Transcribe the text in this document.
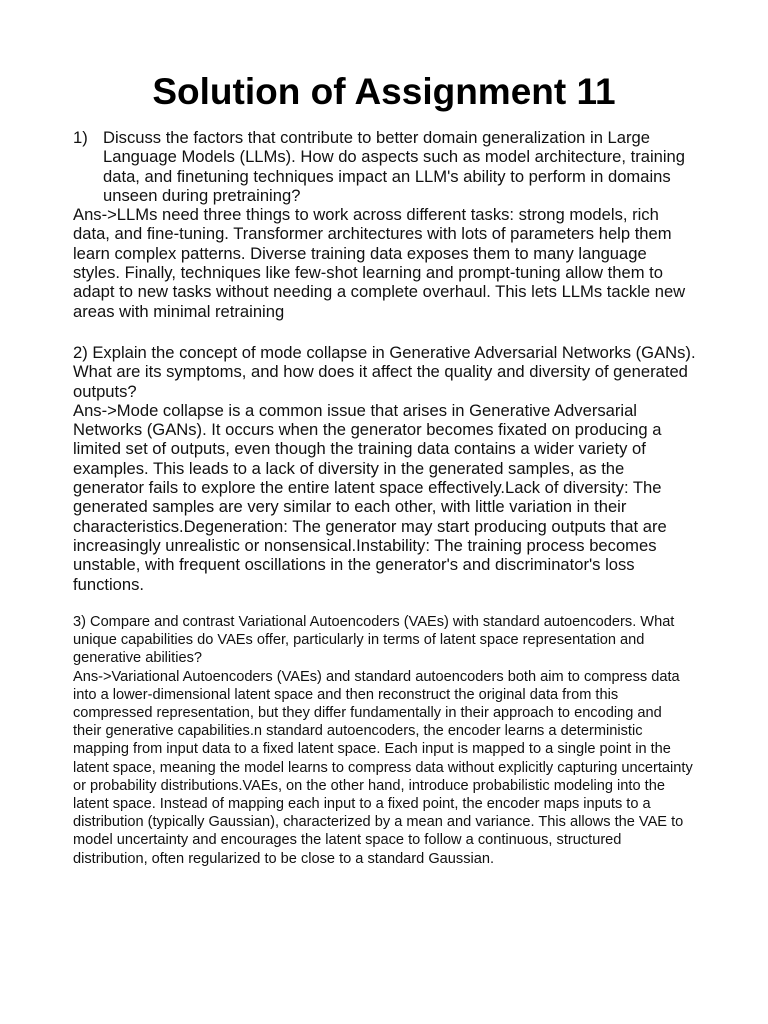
Solution of Assignment 11
1) Discuss the factors that contribute to better domain generalization in Large Language Models (LLMs). How do aspects such as model architecture, training data, and finetuning techniques impact an LLM's ability to perform in domains unseen during pretraining?
Ans->LLMs need three things to work across different tasks: strong models, rich data, and fine-tuning. Transformer architectures with lots of parameters help them learn complex patterns. Diverse training data exposes them to many language styles. Finally, techniques like few-shot learning and prompt-tuning allow them to adapt to new tasks without needing a complete overhaul. This lets LLMs tackle new areas with minimal retraining
2) Explain the concept of mode collapse in Generative Adversarial Networks (GANs). What are its symptoms, and how does it affect the quality and diversity of generated outputs?
Ans->Mode collapse is a common issue that arises in Generative Adversarial Networks (GANs). It occurs when the generator becomes fixated on producing a limited set of outputs, even though the training data contains a wider variety of examples. This leads to a lack of diversity in the generated samples, as the generator fails to explore the entire latent space effectively.Lack of diversity: The generated samples are very similar to each other, with little variation in their characteristics.Degeneration: The generator may start producing outputs that are increasingly unrealistic or nonsensical.Instability: The training process becomes unstable, with frequent oscillations in the generator's and discriminator's loss functions.
3) Compare and contrast Variational Autoencoders (VAEs) with standard autoencoders. What unique capabilities do VAEs offer, particularly in terms of latent space representation and generative abilities?
Ans->Variational Autoencoders (VAEs) and standard autoencoders both aim to compress data into a lower-dimensional latent space and then reconstruct the original data from this compressed representation, but they differ fundamentally in their approach to encoding and their generative capabilities.n standard autoencoders, the encoder learns a deterministic mapping from input data to a fixed latent space. Each input is mapped to a single point in the latent space, meaning the model learns to compress data without explicitly capturing uncertainty or probability distributions.VAEs, on the other hand, introduce probabilistic modeling into the latent space. Instead of mapping each input to a fixed point, the encoder maps inputs to a distribution (typically Gaussian), characterized by a mean and variance. This allows the VAE to model uncertainty and encourages the latent space to follow a continuous, structured distribution, often regularized to be close to a standard Gaussian.
